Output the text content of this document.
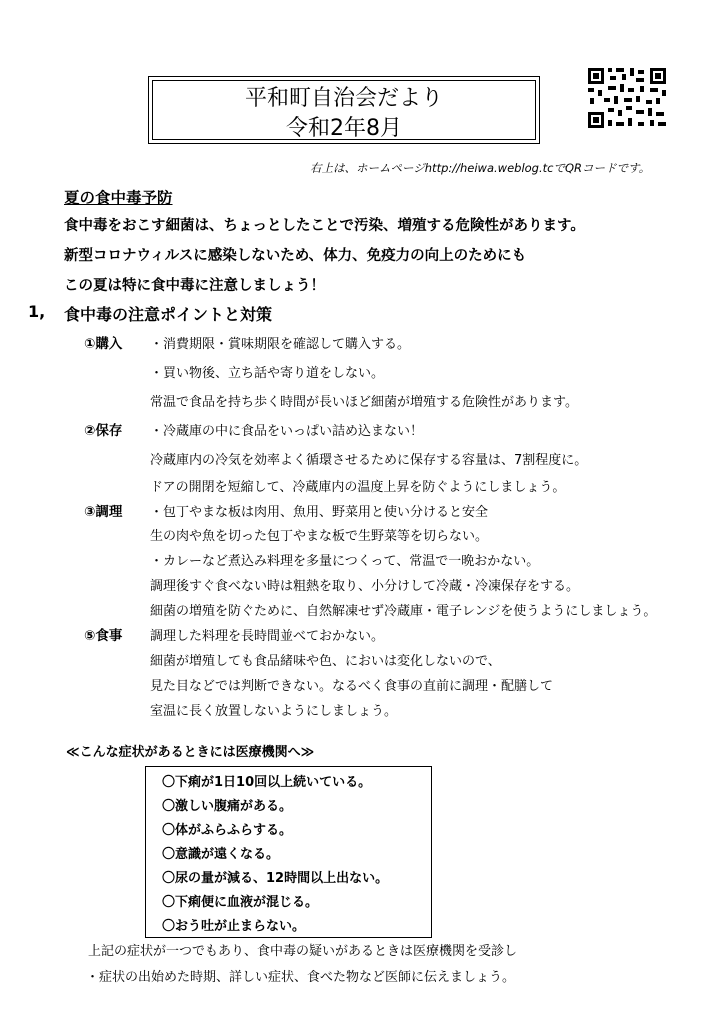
平和町自治会だより
令和2年8月
右上は、ホームページhttp://heiwa.weblog.tcでQRコードです。
夏の食中毒予防
食中毒をおこす細菌は、ちょっとしたことで汚染、増殖する危険性があります。
新型コロナウィルスに感染しないため、体力、免疫力の向上のためにも
この夏は特に食中毒に注意しましょう！
1, 食中毒の注意ポイントと対策
①購入 ・消費期限・賞味期限を確認して購入する。
・買い物後、立ち話や寄り道をしない。
常温で食品を持ち歩く時間が長いほど細菌が増殖する危険性があります。
②保存 ・冷蔵庫の中に食品をいっぱい詰め込まない！
冷蔵庫内の冷気を効率よく循環させるために保存する容量は、7割程度に。
ドアの開閉を短縮して、冷蔵庫内の温度上昇を防ぐようにしましょう。
③調理 ・包丁やまな板は肉用、魚用、野菜用と使い分けると安全
生の肉や魚を切った包丁やまな板で生野菜等を切らない。
・カレーなど煮込み料理を多量につくって、常温で一晩おかない。
調理後すぐ食べない時は粗熱を取り、小分けして冷蔵・冷凍保存をする。
細菌の増殖を防ぐために、自然解凍せず冷蔵庫・電子レンジを使うようにしましょう。
⑤食事 調理した料理を長時間並べておかない。
細菌が増殖しても食品緒味や色、においは変化しないので、
見た目などでは判断できない。なるべく食事の直前に調理・配膳して
室温に長く放置しないようにしましょう。
≪こんな症状があるときには医療機関へ≫
〇下痢が1日10回以上続いている。
〇激しい腹痛がある。
〇体がふらふらする。
〇意識が遠くなる。
〇尿の量が減る、12時間以上出ない。
〇下痢便に血液が混じる。
〇おう吐が止まらない。
上記の症状が一つでもあり、食中毒の疑いがあるときは医療機関を受診し
・症状の出始めた時期、詳しい症状、食べた物など医師に伝えましょう。
